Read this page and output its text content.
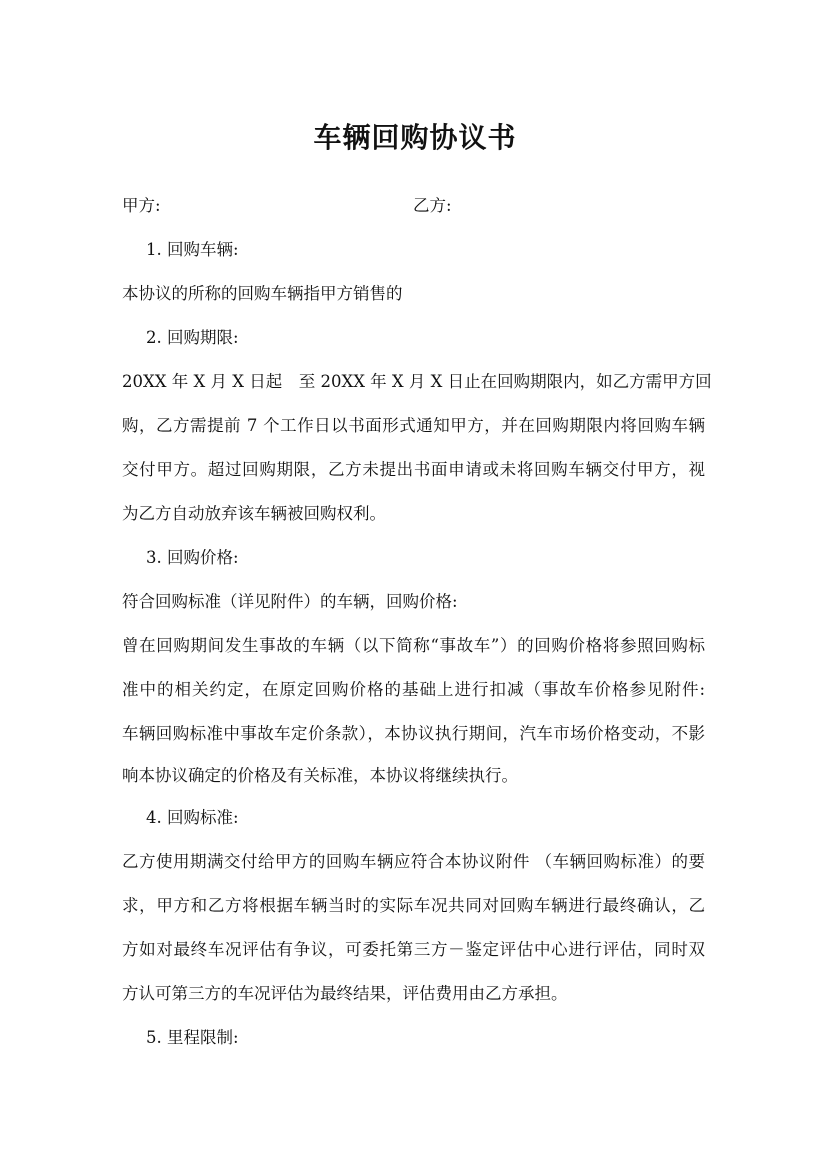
车辆回购协议书
甲方:	乙方:
1. 回购车辆:
本协议的所称的回购车辆指甲方销售的
2. 回购期限:
20XX 年 X 月 X 日起　至 20XX 年 X 月 X 日止在回购期限内，如乙方需甲方回
购，乙方需提前 7 个工作日以书面形式通知甲方，并在回购期限内将回购车辆
交付甲方。超过回购期限，乙方未提出书面申请或未将回购车辆交付甲方，视
为乙方自动放弃该车辆被回购权利。
3. 回购价格:
符合回购标准（详见附件）的车辆，回购价格:
曾在回购期间发生事故的车辆（以下简称“事故车”）的回购价格将参照回购标
准中的相关约定，在原定回购价格的基础上进行扣减（事故车价格参见附件:
车辆回购标准中事故车定价条款），本协议执行期间，汽车市场价格变动，不影
响本协议确定的价格及有关标准，本协议将继续执行。
4. 回购标准:
乙方使用期满交付给甲方的回购车辆应符合本协议附件 （车辆回购标准）的要
求，甲方和乙方将根据车辆当时的实际车况共同对回购车辆进行最终确认，乙
方如对最终车况评估有争议，可委托第三方－鉴定评估中心进行评估，同时双
方认可第三方的车况评估为最终结果，评估费用由乙方承担。
5. 里程限制:
